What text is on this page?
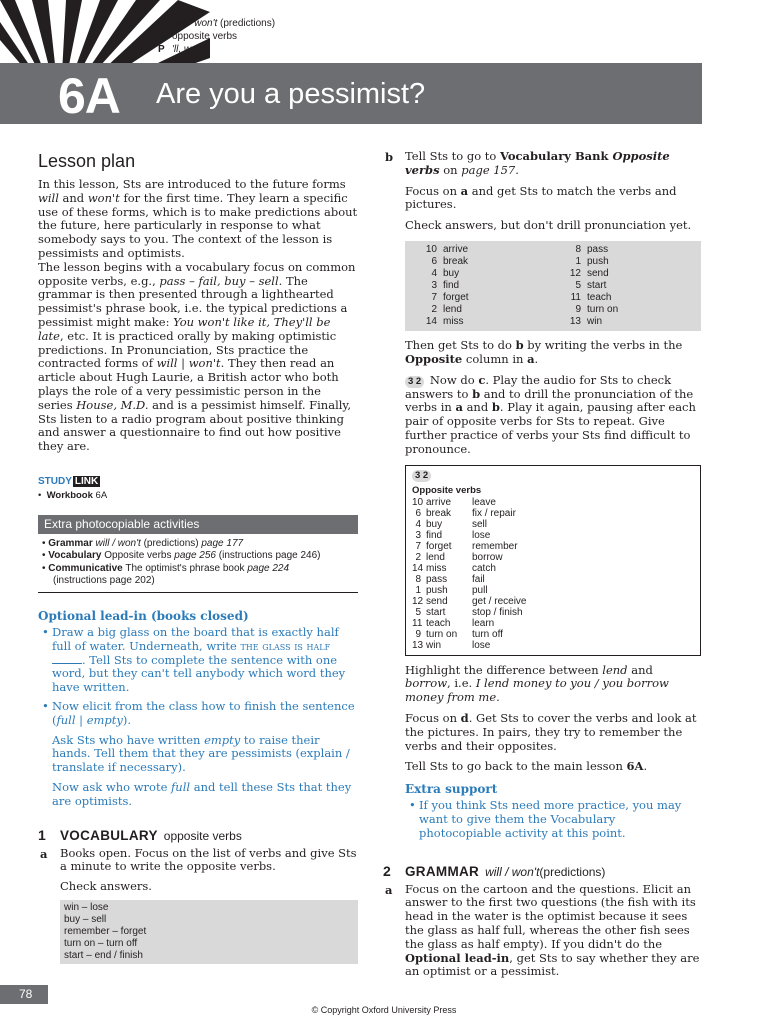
G will / won't (predictions)
V opposite verbs
P 'll, won't
6A Are you a pessimist?
Lesson plan

In this lesson, Sts are introduced to the future forms will and won't for the first time. They learn a specific use of these forms, which is to make predictions about the future, here particularly in response to what somebody says to you. The context of the lesson is pessimists and optimists.

The lesson begins with a vocabulary focus on common opposite verbs, e.g., pass – fail, buy – sell. The grammar is then presented through a lighthearted pessimist's phrase book, i.e. the typical predictions a pessimist might make: You won't like it, They'll be late, etc. It is practiced orally by making optimistic predictions. In Pronunciation, Sts practice the contracted forms of will | won't. They then read an article about Hugh Laurie, a British actor who both plays the role of a very pessimistic person in the series House, M.D. and is a pessimist himself. Finally, Sts listen to a radio program about positive thinking and answer a questionnaire to find out how positive they are.

STUDY LINK
•  Workbook 6A
Extra photocopiable activities
• Grammar will / won't (predictions) page 177
• Vocabulary Opposite verbs page 256 (instructions page 246)
• Communicative The optimist's phrase book page 224
(instructions page 202)
Optional lead-in (books closed)
• Draw a big glass on the board that is exactly half full of water. Underneath, write the glass is half . Tell Sts to complete the sentence with one word, but they can't tell anybody which word they have written.
• Now elicit from the class how to finish the sentence (full | empty).
Ask Sts who have written empty to raise their hands. Tell them that they are pessimists (explain / translate if necessary).
Now ask who wrote full and tell these Sts that they are optimists.
1	VOCABULARY opposite verbs
a Books open. Focus on the list of verbs and give Sts a minute to write the opposite verbs.

Check answers.

win – lose
buy – sell
remember – forget
turn on – turn off
start – end / finish
b Tell Sts to go to Vocabulary Bank Opposite verbs on page 157.

Focus on a and get Sts to match the verbs and pictures.

Check answers, but don't drill pronunciation yet.

10 arrive	8 pass
6 break	1 push
4 buy	12 send
3 find	5 start
7 forget	11 teach
2 lend	9 turn on
14 miss	13 win

Then get Sts to do b by writing the verbs in the Opposite column in a.

3 2 Now do c. Play the audio for Sts to check answers to b and to drill the pronunciation of the verbs in a and b. Play it again, pausing after each pair of opposite verbs for Sts to repeat. Give further practice of verbs your Sts find difficult to pronounce.

3 2
Opposite verbs
10 arrive	leave
6 break	fix / repair
4 buy	sell
3 find	lose
7 forget	remember
2 lend	borrow
14 miss	catch
8 pass	fail
1 push	pull
12 send	get / receive
5 start	stop / finish
11 teach	learn
9 turn on	turn off
13 win	lose

Highlight the difference between lend and borrow, i.e. I lend money to you / you borrow money from me.

Focus on d. Get Sts to cover the verbs and look at the pictures. In pairs, they try to remember the verbs and their opposites.

Tell Sts to go back to the main lesson 6A.

Extra support
• If you think Sts need more practice, you may want to give them the Vocabulary photocopiable activity at this point.
2	GRAMMAR will / won't (predictions)
a Focus on the cartoon and the questions. Elicit an answer to the first two questions (the fish with its head in the water is the optimist because it sees the glass as half full, whereas the other fish sees the glass as half empty). If you didn't do the Optional lead-in, get Sts to say whether they are an optimist or a pessimist.

78
© Copyright Oxford University Press
